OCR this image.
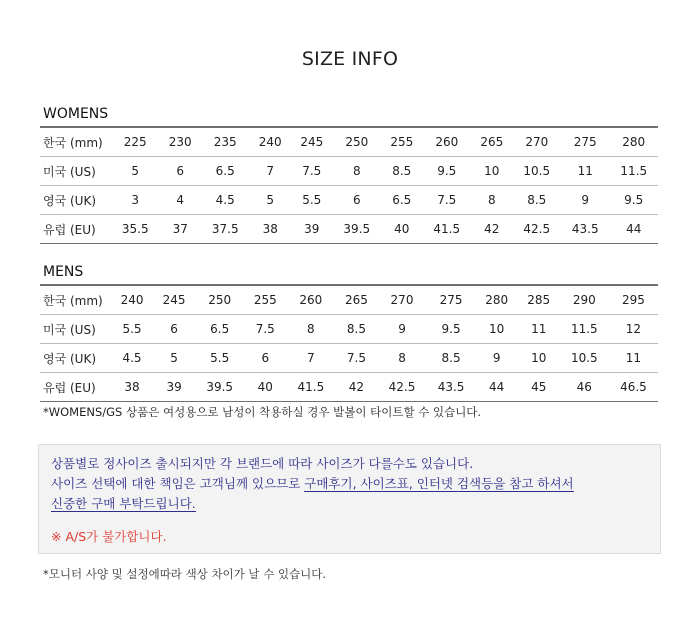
SIZE INFO
WOMENS
한국 (mm)	225	230	235	240	245	250	255	260	265	270	275	280
미국 (US)	5	6	6.5	7	7.5	8	8.5	9.5	10	10.5	11	11.5
영국 (UK)	3	4	4.5	5	5.5	6	6.5	7.5	8	8.5	9	9.5
유럽 (EU)	35.5	37	37.5	38	39	39.5	40	41.5	42	42.5	43.5	44
MENS
한국 (mm)	240	245	250	255	260	265	270	275	280	285	290	295
미국 (US)	5.5	6	6.5	7.5	8	8.5	9	9.5	10	11	11.5	12
영국 (UK)	4.5	5	5.5	6	7	7.5	8	8.5	9	10	10.5	11
유럽 (EU)	38	39	39.5	40	41.5	42	42.5	43.5	44	45	46	46.5
*WOMENS/GS 상품은 여성용으로 남성이 착용하실 경우 발볼이 타이트할 수 있습니다.
상품별로 정사이즈 출시되지만 각 브랜드에 따라 사이즈가 다를수도 있습니다.
사이즈 선택에 대한 책임은 고객님께 있으므로 구매후기, 사이즈표, 인터넷 검색등을 참고 하셔서
신중한 구매 부탁드립니다.
※ A/S가 불가합니다.
*모니터 사양 및 설정에따라 색상 차이가 날 수 있습니다.
